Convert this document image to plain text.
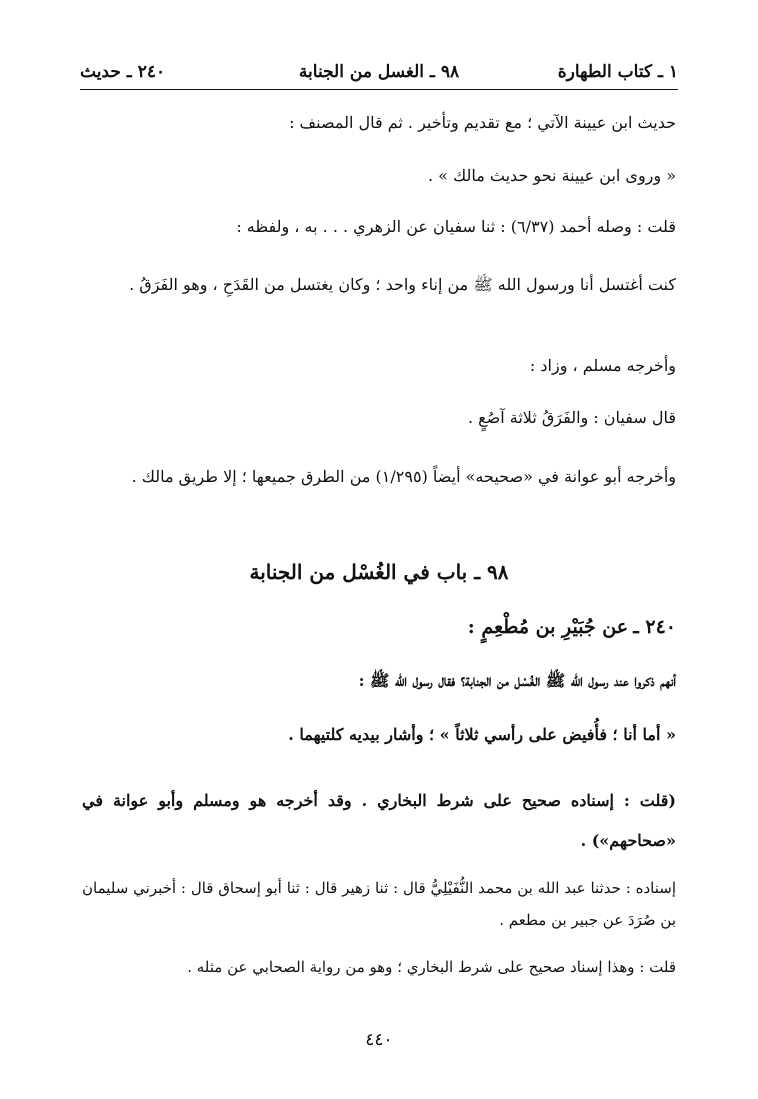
١ ـ كتاب الطهارة
٩٨ ـ الغسل من الجنابة
٢٤٠ ـ حديث
حديث ابن عيينة الآتي ؛ مع تقديم وتأخير . ثم قال المصنف :
« وروى ابن عيينة نحو حديث مالك » .
قلت : وصله أحمد (٦/٣٧) : ثنا سفيان عن الزهري . . . به ، ولفظه :
كنت أغتسل أنا ورسول الله ﷺ من إناء واحد ؛ وكان يغتسل من القَدَحِ ، وهو الفَرَقُ .
وأخرجه مسلم ، وزاد :
قال سفيان : والفَرَقُ ثلاثة آصُعٍ .
وأخرجه أبو عوانة في «صحيحه» أيضاً (١/٢٩٥) من الطرق جميعها ؛ إلا طريق مالك .
٩٨ ـ باب في الغُسْل من الجنابة
٢٤٠ ـ عن جُبَيْرِ بن مُطْعِمٍ :
أنهم ذكروا عند رسول الله ﷺ الغُسْل من الجنابة؟ فقال رسول الله ﷺ :
« أما أنا ؛ فأُفيض على رأسي ثلاثاً » ؛ وأشار بيديه كلتيهما .
(قلت : إسناده صحيح على شرط البخاري . وقد أخرجه هو ومسلم وأبو عوانة في «صحاحهم») .
إسناده : حدثنا عبد الله بن محمد النُّفَيْلِيُّ قال : ثنا زهير قال : ثنا أبو إسحاق قال : أخبرني سليمان بن صُرَدَ عن جبير بن مطعم .
قلت : وهذا إسناد صحيح على شرط البخاري ؛ وهو من رواية الصحابي عن مثله .
٤٤٠
